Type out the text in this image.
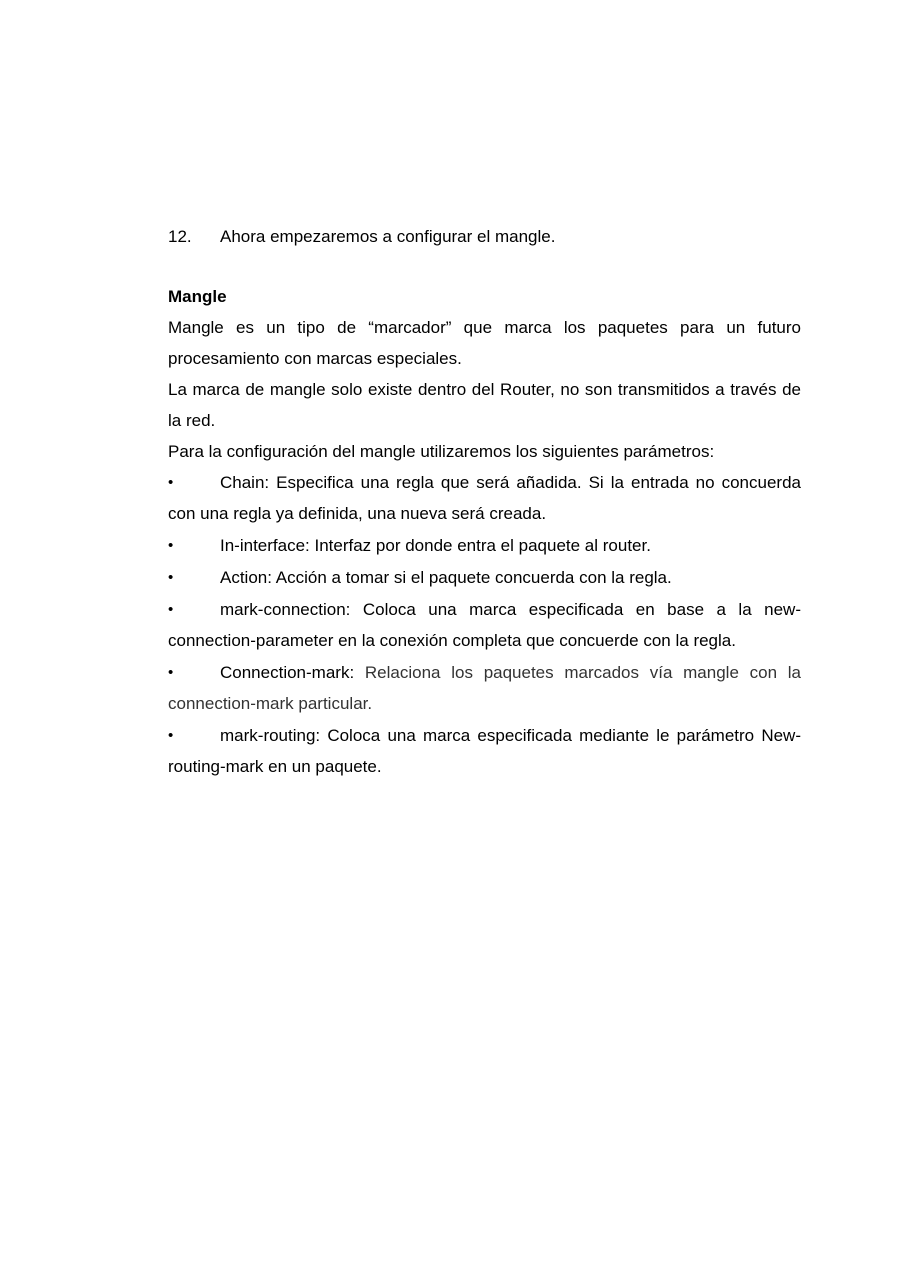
12.	Ahora empezaremos a configurar el mangle.
Mangle

Mangle es un tipo de “marcador” que marca los paquetes para un futuro procesamiento con marcas especiales.

La marca de mangle solo existe dentro del Router, no son transmitidos a través de la red.

Para la configuración del mangle utilizaremos los siguientes parámetros:

•	Chain: Especifica una regla que será añadida. Si la entrada no concuerda con una regla ya definida, una nueva será creada.

•	In-interface: Interfaz por donde entra el paquete al router.

•	Action: Acción a tomar si el paquete concuerda con la regla.

•	mark-connection: Coloca una marca especificada en base a la new-connection-parameter en la conexión completa que concuerde con la regla.

•	Connection-mark: Relaciona los paquetes marcados vía mangle con la connection-mark particular.

•	mark-routing: Coloca una marca especificada mediante le parámetro New-routing-mark en un paquete.
